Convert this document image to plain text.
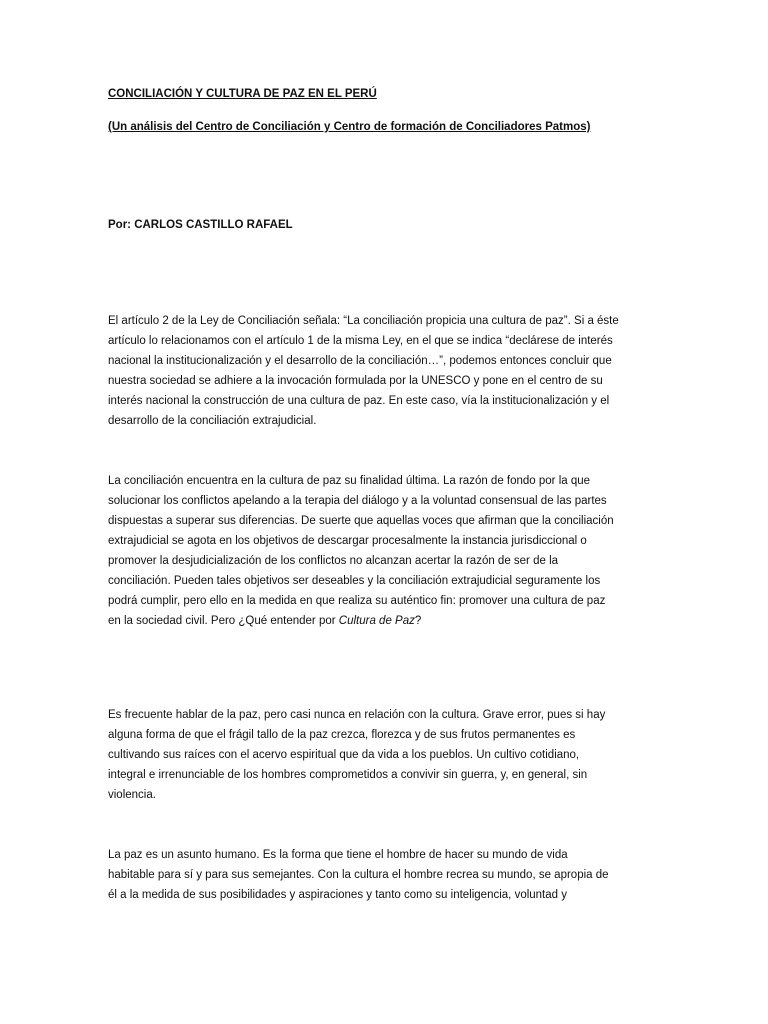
CONCILIACIÓN Y CULTURA DE PAZ EN EL PERÚ
(Un análisis del Centro de Conciliación y Centro de formación de Conciliadores Patmos)
Por: CARLOS CASTILLO RAFAEL

El artículo 2 de la Ley de Conciliación señala: “La conciliación propicia una cultura de paz”. Si a éste
artículo lo relacionamos con el artículo 1 de la misma Ley, en el que se indica “declárese de interés
nacional la institucionalización y el desarrollo de la conciliación…”, podemos entonces concluir que
nuestra sociedad se adhiere a la invocación formulada por la UNESCO y pone en el centro de su
interés nacional la construcción de una cultura de paz. En este caso, vía la institucionalización y el
desarrollo de la conciliación extrajudicial.

La conciliación encuentra en la cultura de paz su finalidad última. La razón de fondo por la que
solucionar los conflictos apelando a la terapia del diálogo y a la voluntad consensual de las partes
dispuestas a superar sus diferencias. De suerte que aquellas voces que afirman que la conciliación
extrajudicial se agota en los objetivos de descargar procesalmente la instancia jurisdiccional o
promover la desjudicialización de los conflictos no alcanzan acertar la razón de ser de la
conciliación. Pueden tales objetivos ser deseables y la conciliación extrajudicial seguramente los
podrá cumplir, pero ello en la medida en que realiza su auténtico fin: promover una cultura de paz
en la sociedad civil. Pero ¿Qué entender por Cultura de Paz?

Es frecuente hablar de la paz, pero casi nunca en relación con la cultura. Grave error, pues si hay
alguna forma de que el frágil tallo de la paz crezca, florezca y de sus frutos permanentes es
cultivando sus raíces con el acervo espiritual que da vida a los pueblos. Un cultivo cotidiano,
integral e irrenunciable de los hombres comprometidos a convivir sin guerra, y, en general, sin
violencia.

La paz es un asunto humano. Es la forma que tiene el hombre de hacer su mundo de vida
habitable para sí y para sus semejantes. Con la cultura el hombre recrea su mundo, se apropia de
él a la medida de sus posibilidades y aspiraciones y tanto como su inteligencia, voluntad y
